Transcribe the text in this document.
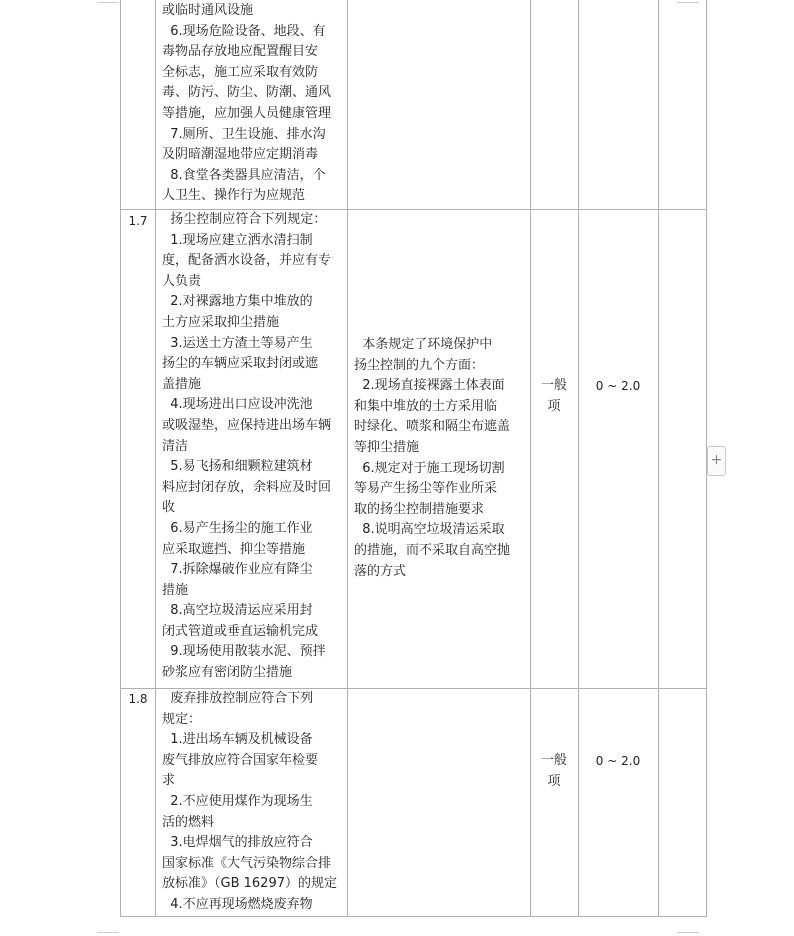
或临时通风设施
6.现场危险设备、地段、有
毒物品存放地应配置醒目安
全标志，施工应采取有效防
毒、防污、防尘、防潮、通风
等措施，应加强人员健康管理
7.厕所、卫生设施、排水沟
及阴暗潮湿地带应定期消毒
8.食堂各类器具应清洁，个
人卫生、操作行为应规范

1.7	扬尘控制应符合下列规定：
1.现场应建立洒水清扫制
度，配备洒水设备，并应有专
人负责
2.对裸露地方集中堆放的
土方应采取抑尘措施
3.运送土方渣土等易产生
扬尘的车辆应采取封闭或遮
盖措施
4.现场进出口应设冲洗池
或吸湿垫，应保持进出场车辆
清洁
5.易飞扬和细颗粒建筑材
料应封闭存放，余料应及时回
收
6.易产生扬尘的施工作业
应采取遮挡、抑尘等措施
7.拆除爆破作业应有降尘
措施
8.高空垃圾清运应采用封
闭式管道或垂直运输机完成
9.现场使用散装水泥、预拌
砂浆应有密闭防尘措施

本条规定了环境保护中
扬尘控制的九个方面：
2.现场直接裸露土体表面
和集中堆放的土方采用临
时绿化、喷浆和隔尘布遮盖
等抑尘措施
6.规定对于施工现场切割
等易产生扬尘等作业所采
取的扬尘控制措施要求
8.说明高空垃圾清运采取
的措施，而不采取自高空抛
落的方式

一般
项
0 ~ 2.0
1.8	废弃排放控制应符合下列
规定：
1.进出场车辆及机械设备
废气排放应符合国家年检要
求
2.不应使用煤作为现场生
活的燃料
3.电焊烟气的排放应符合
国家标准《大气污染物综合排
放标准》（GB 16297）的规定
4.不应再现场燃烧废弃物

一般
项
0 ~ 2.0
+
